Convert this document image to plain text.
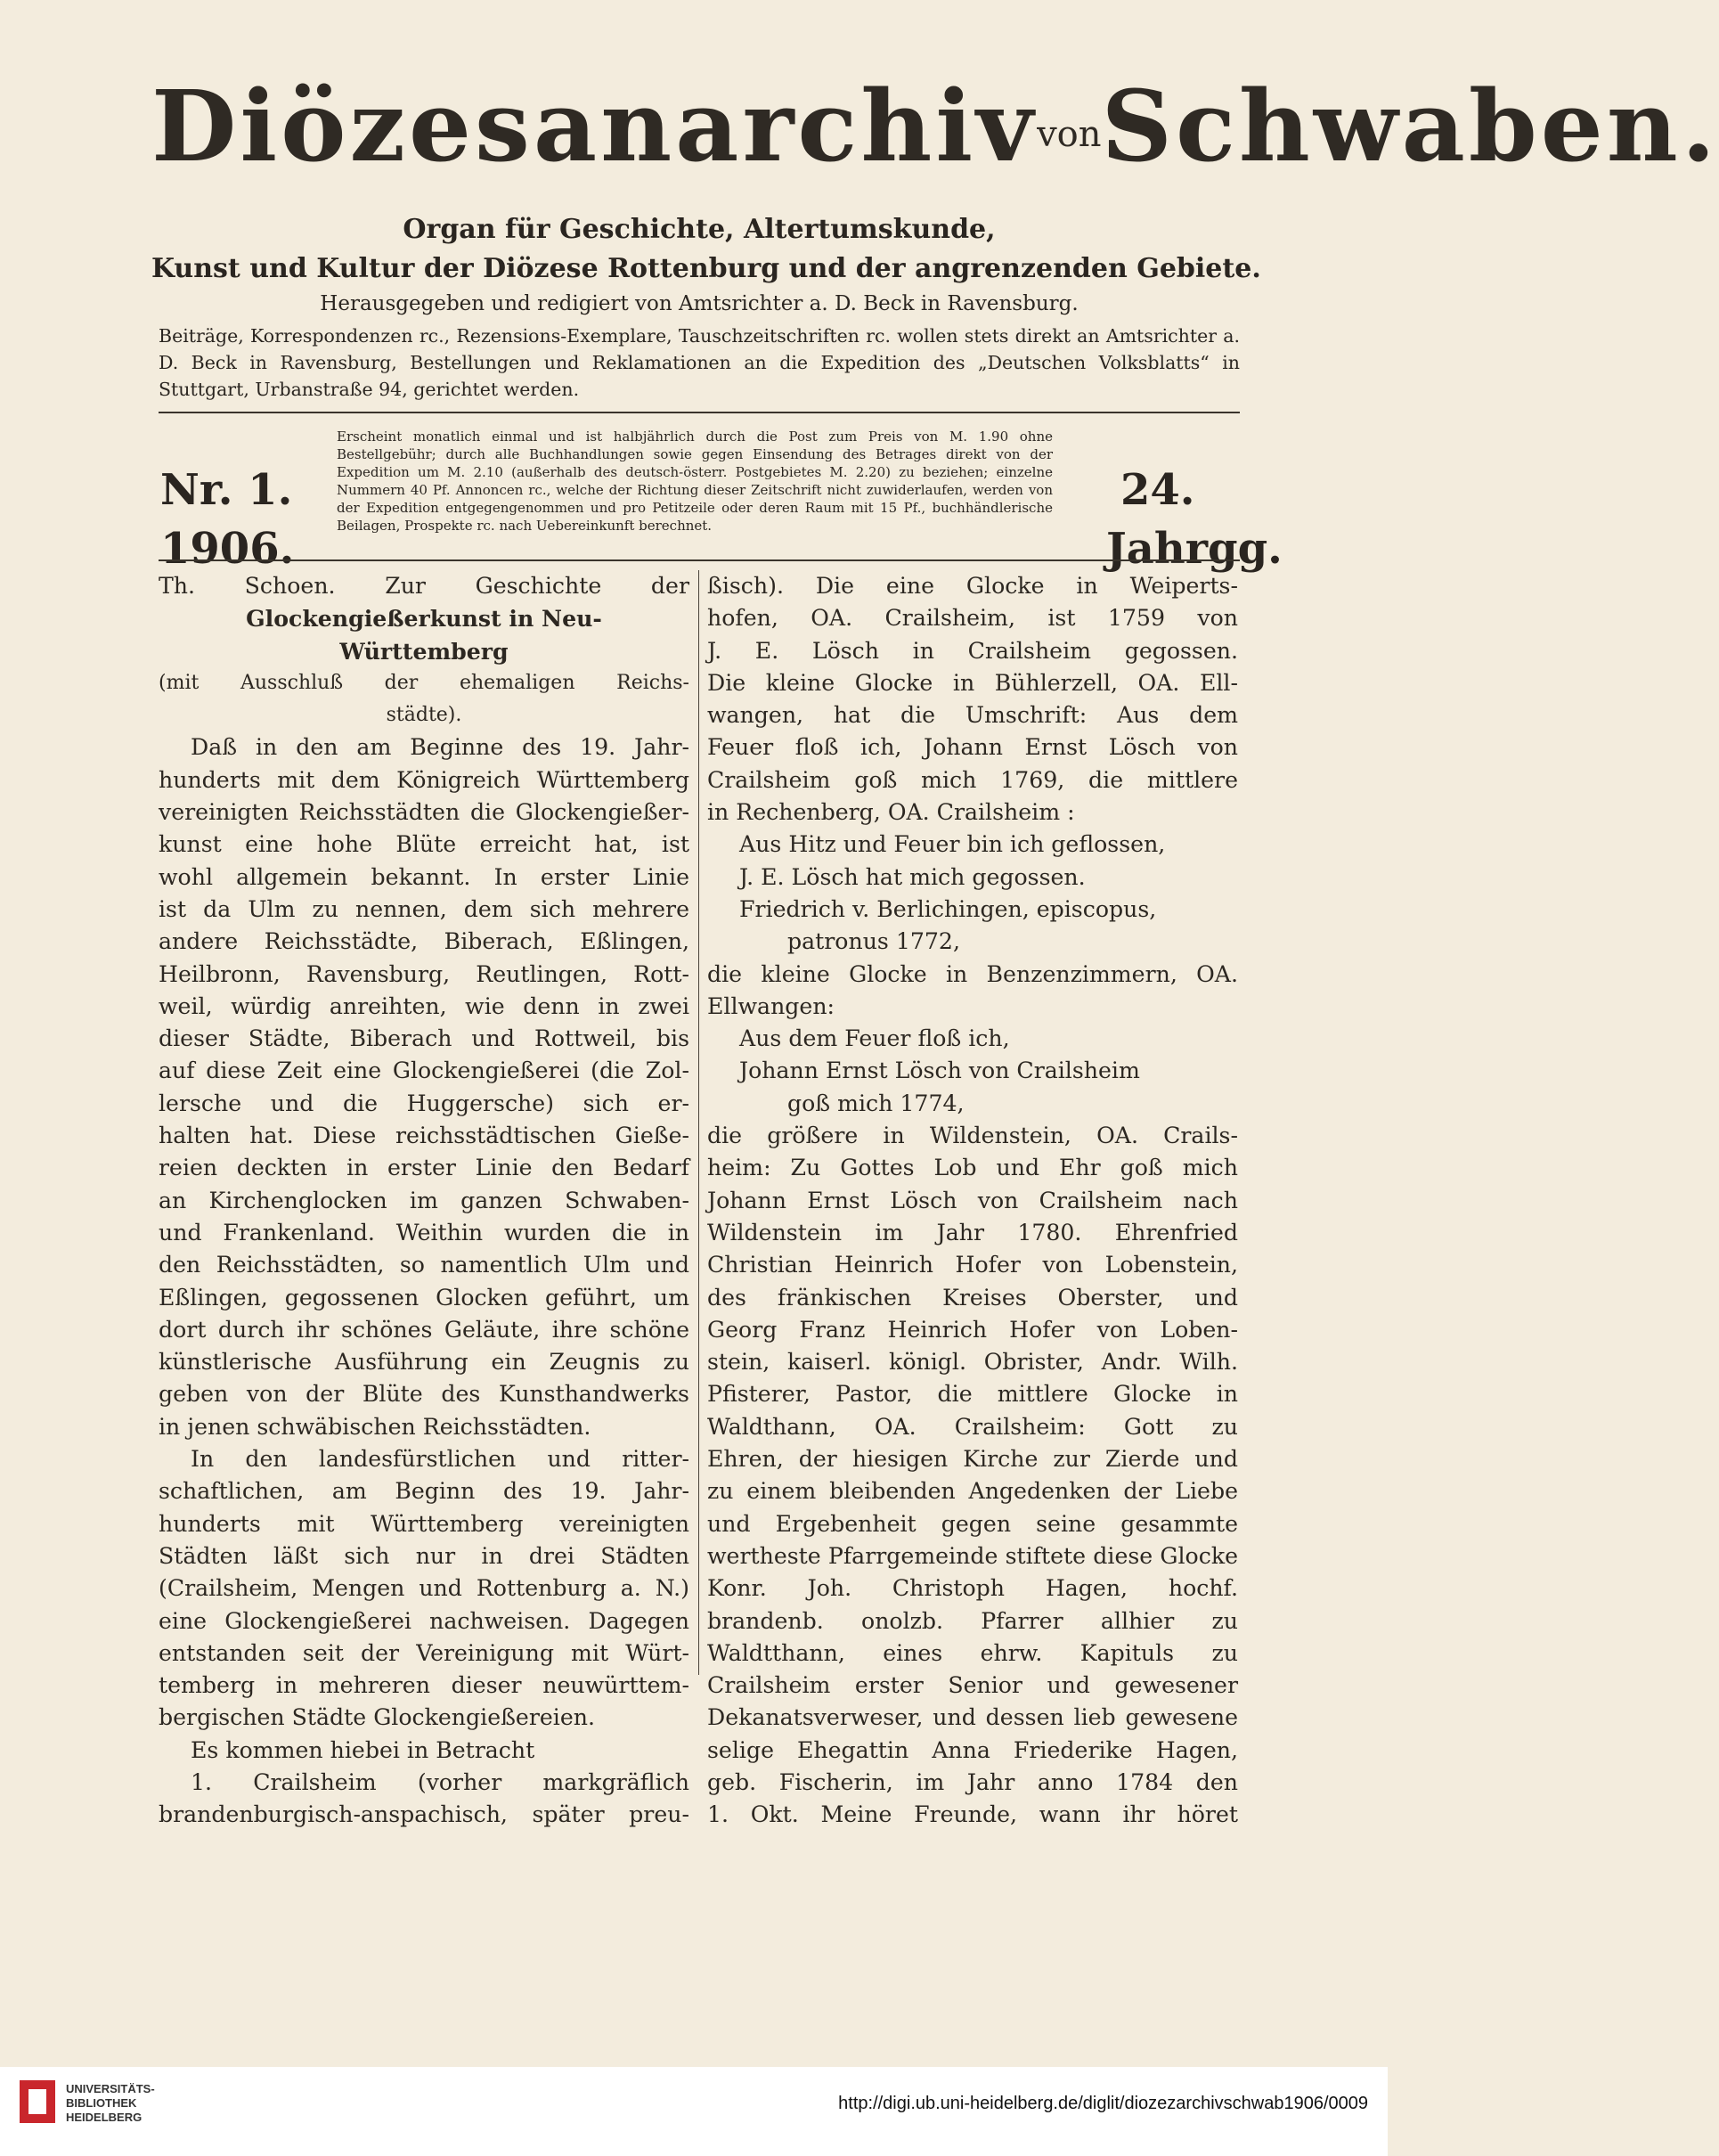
DiözesanarchivvonSchwaben.
Organ für Geschichte, Altertumskunde,
Kunst und Kultur der Diözese Rottenburg und der angrenzenden Gebiete.
Herausgegeben und redigiert von Amtsrichter a. D. Beck in Ravensburg.
Beiträge, Korrespondenzen rc., Rezensions-Exemplare, Tauschzeitschriften rc. wollen stets direkt an Amtsrichter a. D. Beck in Ravensburg, Bestellungen und Reklamationen an die Expedition des „Deutschen Volksblatts“ in Stuttgart, Urbanstraße 94, gerichtet werden.
Nr. 1.
1906.
Erscheint monatlich einmal und ist halbjährlich durch die Post zum Preis von M. 1.90 ohne Bestellgebühr; durch alle Buchhandlungen sowie gegen Einsendung des Betrages direkt von der Expedition um M. 2.10 (außerhalb des deutsch-österr. Postgebietes M. 2.20) zu beziehen; einzelne Nummern 40 Pf. Annoncen rc., welche der Richtung dieser Zeitschrift nicht zuwiderlaufen, werden von der Expedition entgegengenommen und pro Petitzeile oder deren Raum mit 15 Pf., buchhändlerische Beilagen, Prospekte rc. nach Uebereinkunft berechnet.
24.
Jahrgg.
Th. Schoen. Zur Geschichte der
Glockengießerkunst in Neu-
Württemberg
(mit Ausschluß der ehemaligen Reichs-
städte).
Daß in den am Beginne des 19. Jahr-
hunderts mit dem Königreich Württemberg
vereinigten Reichsstädten die Glockengießer-
kunst eine hohe Blüte erreicht hat, ist
wohl allgemein bekannt. In erster Linie
ist da Ulm zu nennen, dem sich mehrere
andere Reichsstädte, Biberach, Eßlingen,
Heilbronn, Ravensburg, Reutlingen, Rott-
weil, würdig anreihten, wie denn in zwei
dieser Städte, Biberach und Rottweil, bis
auf diese Zeit eine Glockengießerei (die Zol-
lersche und die Huggersche) sich er-
halten hat. Diese reichsstädtischen Gieße-
reien deckten in erster Linie den Bedarf
an Kirchenglocken im ganzen Schwaben-
und Frankenland. Weithin wurden die in
den Reichsstädten, so namentlich Ulm und
Eßlingen, gegossenen Glocken geführt, um
dort durch ihr schönes Geläute, ihre schöne
künstlerische Ausführung ein Zeugnis zu
geben von der Blüte des Kunsthandwerks
in jenen schwäbischen Reichsstädten.
In den landesfürstlichen und ritter-
schaftlichen, am Beginn des 19. Jahr-
hunderts mit Württemberg vereinigten
Städten läßt sich nur in drei Städten
(Crailsheim, Mengen und Rottenburg a. N.)
eine Glockengießerei nachweisen. Dagegen
entstanden seit der Vereinigung mit Würt-
temberg in mehreren dieser neuwürttem-
bergischen Städte Glockengießereien.
Es kommen hiebei in Betracht
1. Crailsheim (vorher markgräflich
brandenburgisch-anspachisch, später preu-
ßisch). Die eine Glocke in Weiperts-
hofen, OA. Crailsheim, ist 1759 von
J. E. Lösch in Crailsheim gegossen.
Die kleine Glocke in Bühlerzell, OA. Ell-
wangen, hat die Umschrift: Aus dem
Feuer floß ich, Johann Ernst Lösch von
Crailsheim goß mich 1769, die mittlere
in Rechenberg, OA. Crailsheim :
Aus Hitz und Feuer bin ich geflossen,
J. E. Lösch hat mich gegossen.
Friedrich v. Berlichingen, episcopus,
patronus 1772,
die kleine Glocke in Benzenzimmern, OA.
Ellwangen:
Aus dem Feuer floß ich,
Johann Ernst Lösch von Crailsheim
goß mich 1774,
die größere in Wildenstein, OA. Crails-
heim: Zu Gottes Lob und Ehr goß mich
Johann Ernst Lösch von Crailsheim nach
Wildenstein im Jahr 1780. Ehrenfried
Christian Heinrich Hofer von Lobenstein,
des fränkischen Kreises Oberster, und
Georg Franz Heinrich Hofer von Loben-
stein, kaiserl. königl. Obrister, Andr. Wilh.
Pfisterer, Pastor, die mittlere Glocke in
Waldthann, OA. Crailsheim: Gott zu
Ehren, der hiesigen Kirche zur Zierde und
zu einem bleibenden Angedenken der Liebe
und Ergebenheit gegen seine gesammte
wertheste Pfarrgemeinde stiftete diese Glocke
Konr. Joh. Christoph Hagen, hochf.
brandenb. onolzb. Pfarrer allhier zu
Waldtthann, eines ehrw. Kapituls zu
Crailsheim erster Senior und gewesener
Dekanatsverweser, und dessen lieb gewesene
selige Ehegattin Anna Friederike Hagen,
geb. Fischerin, im Jahr anno 1784 den
1. Okt. Meine Freunde, wann ihr höret
UNIVERSITÄTS-
BIBLIOTHEK
HEIDELBERG
http://digi.ub.uni-heidelberg.de/diglit/diozezarchivschwab1906/0009
